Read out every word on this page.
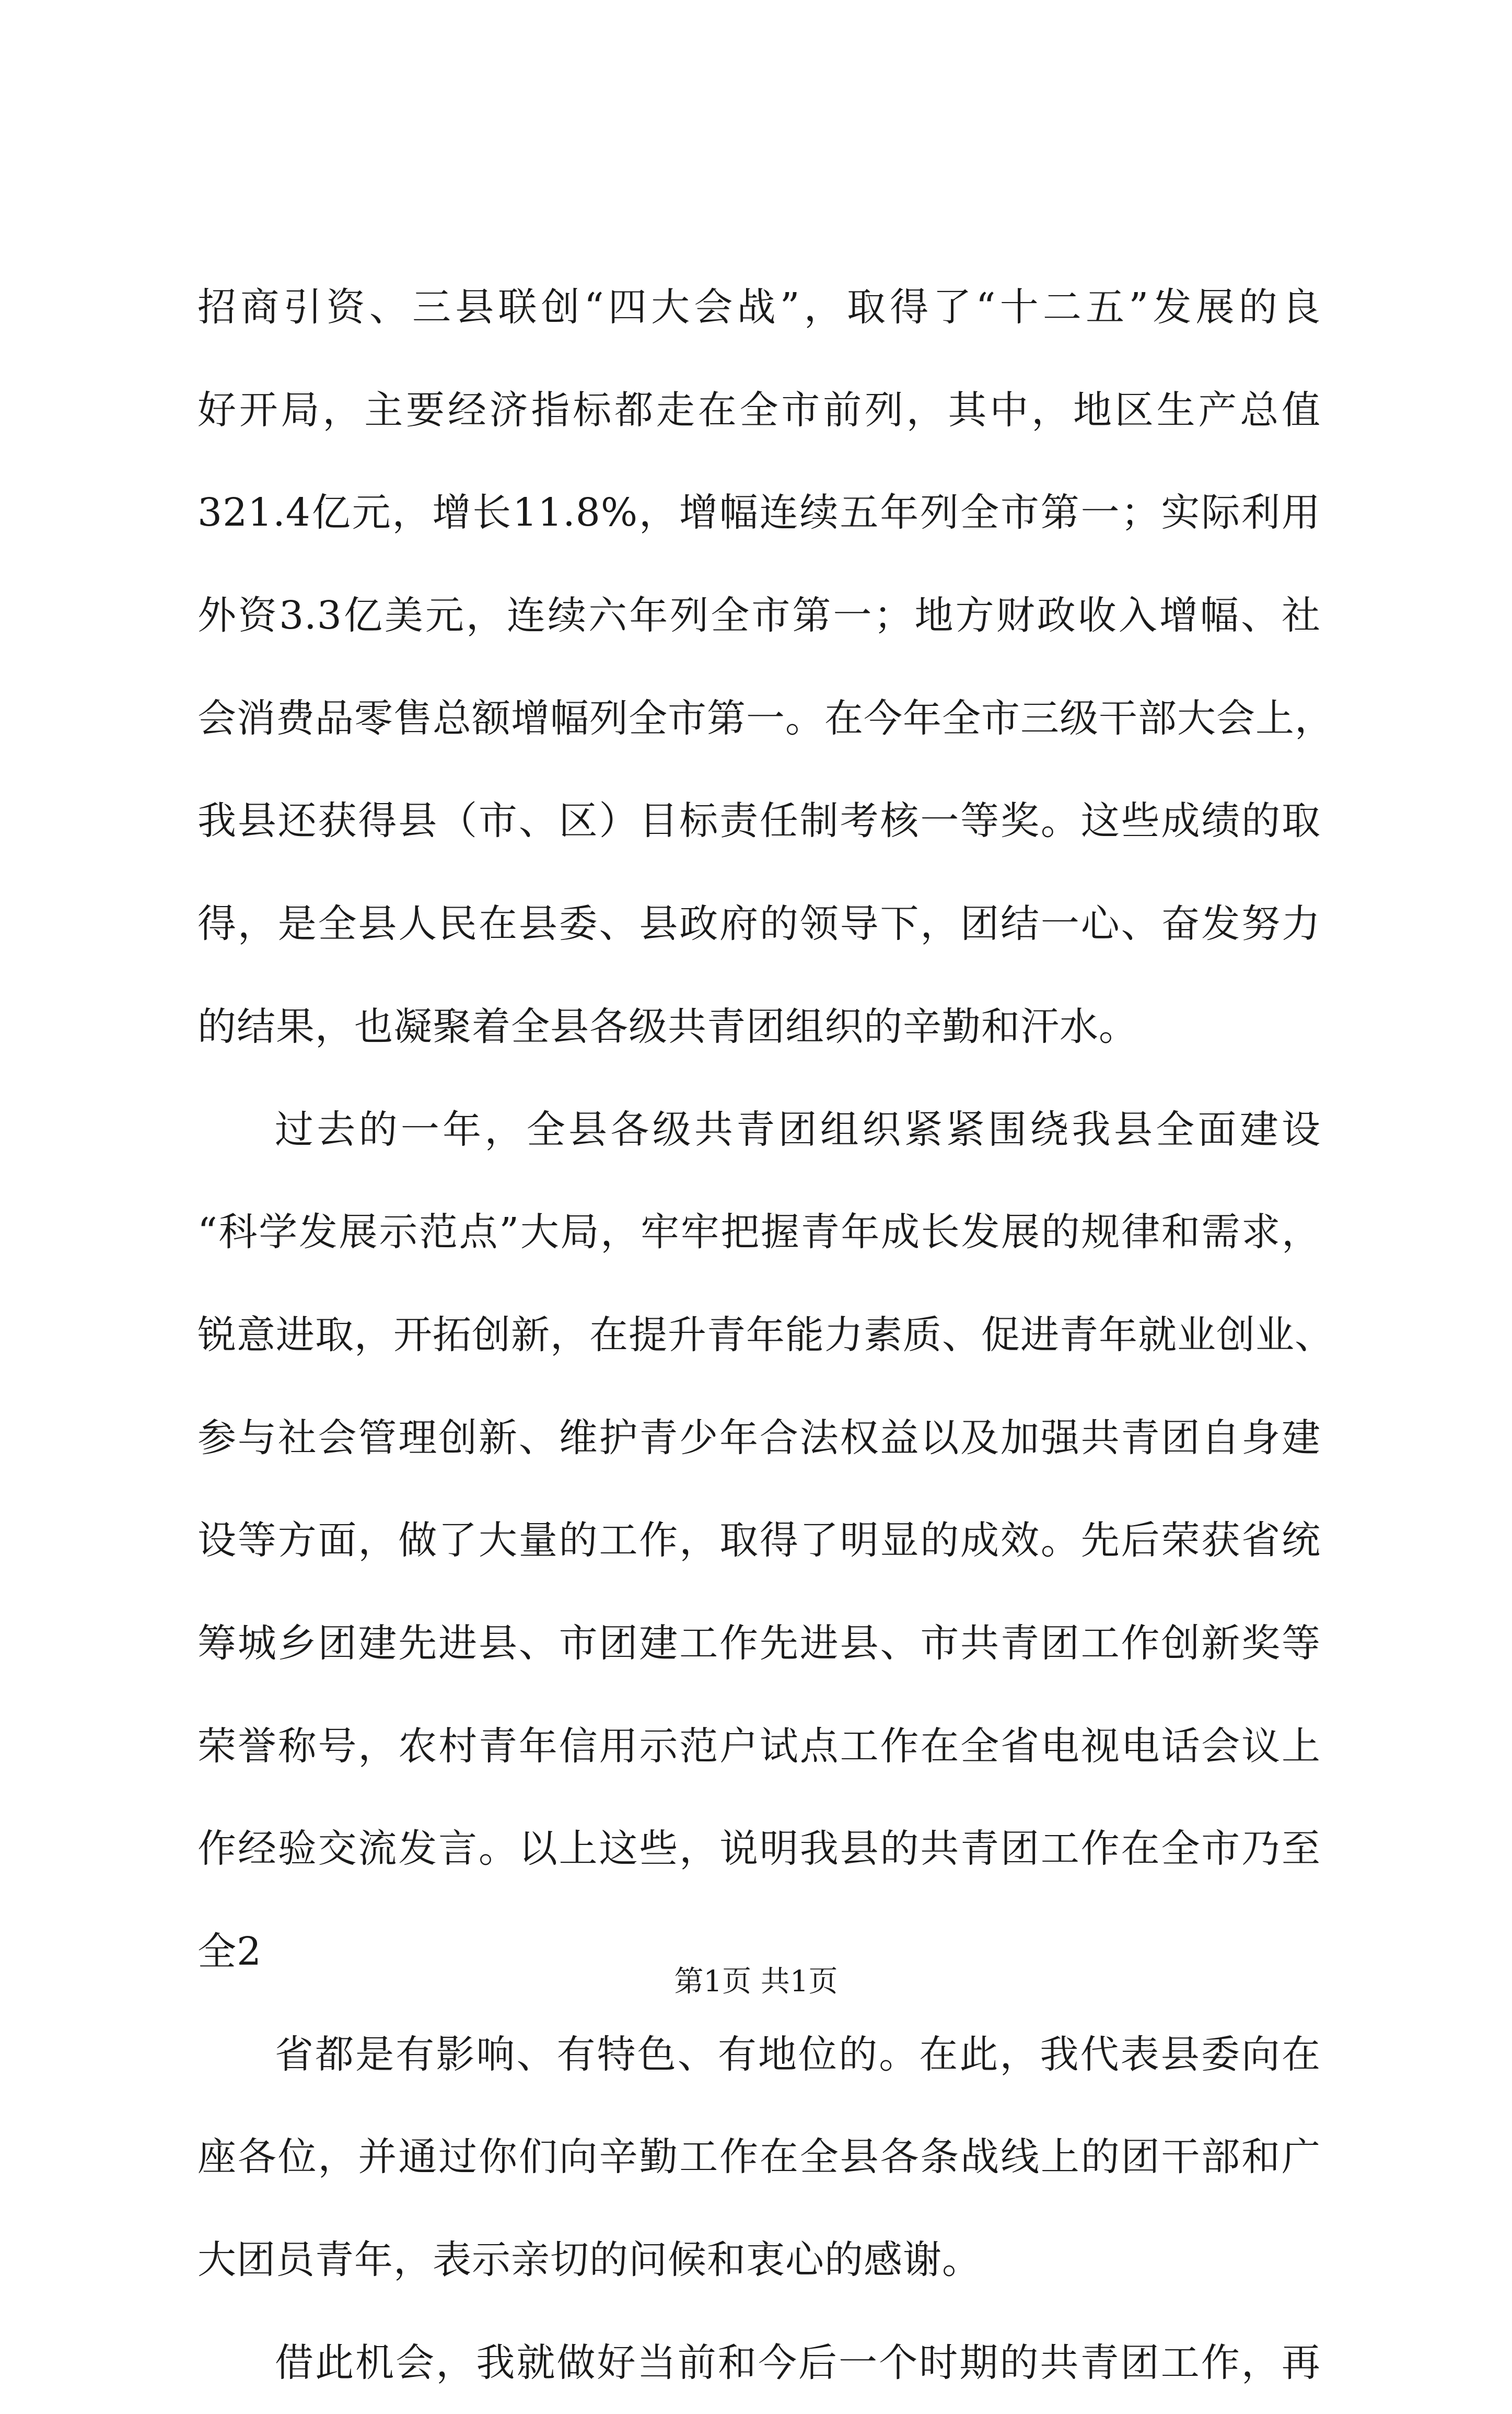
招商引资、三县联创“四大会战”，取得了“十二五”发展的良
好开局，主要经济指标都走在全市前列，其中，地区生产总值
321.4亿元，增长11.8%，增幅连续五年列全市第一；实际利用
外资3.3亿美元，连续六年列全市第一；地方财政收入增幅、社
会消费品零售总额增幅列全市第一。在今年全市三级干部大会上，
我县还获得县（市、区）目标责任制考核一等奖。这些成绩的取
得，是全县人民在县委、县政府的领导下，团结一心、奋发努力
的结果，也凝聚着全县各级共青团组织的辛勤和汗水。
过去的一年，全县各级共青团组织紧紧围绕我县全面建设
“科学发展示范点”大局，牢牢把握青年成长发展的规律和需求，
锐意进取，开拓创新，在提升青年能力素质、促进青年就业创业、
参与社会管理创新、维护青少年合法权益以及加强共青团自身建
设等方面，做了大量的工作，取得了明显的成效。先后荣获省统
筹城乡团建先进县、市团建工作先进县、市共青团工作创新奖等
荣誉称号，农村青年信用示范户试点工作在全省电视电话会议上
作经验交流发言。以上这些，说明我县的共青团工作在全市乃至
全2
省都是有影响、有特色、有地位的。在此，我代表县委向在
座各位，并通过你们向辛勤工作在全县各条战线上的团干部和广
大团员青年，表示亲切的问候和衷心的感谢。
借此机会，我就做好当前和今后一个时期的共青团工作，再
第1页 共1页
